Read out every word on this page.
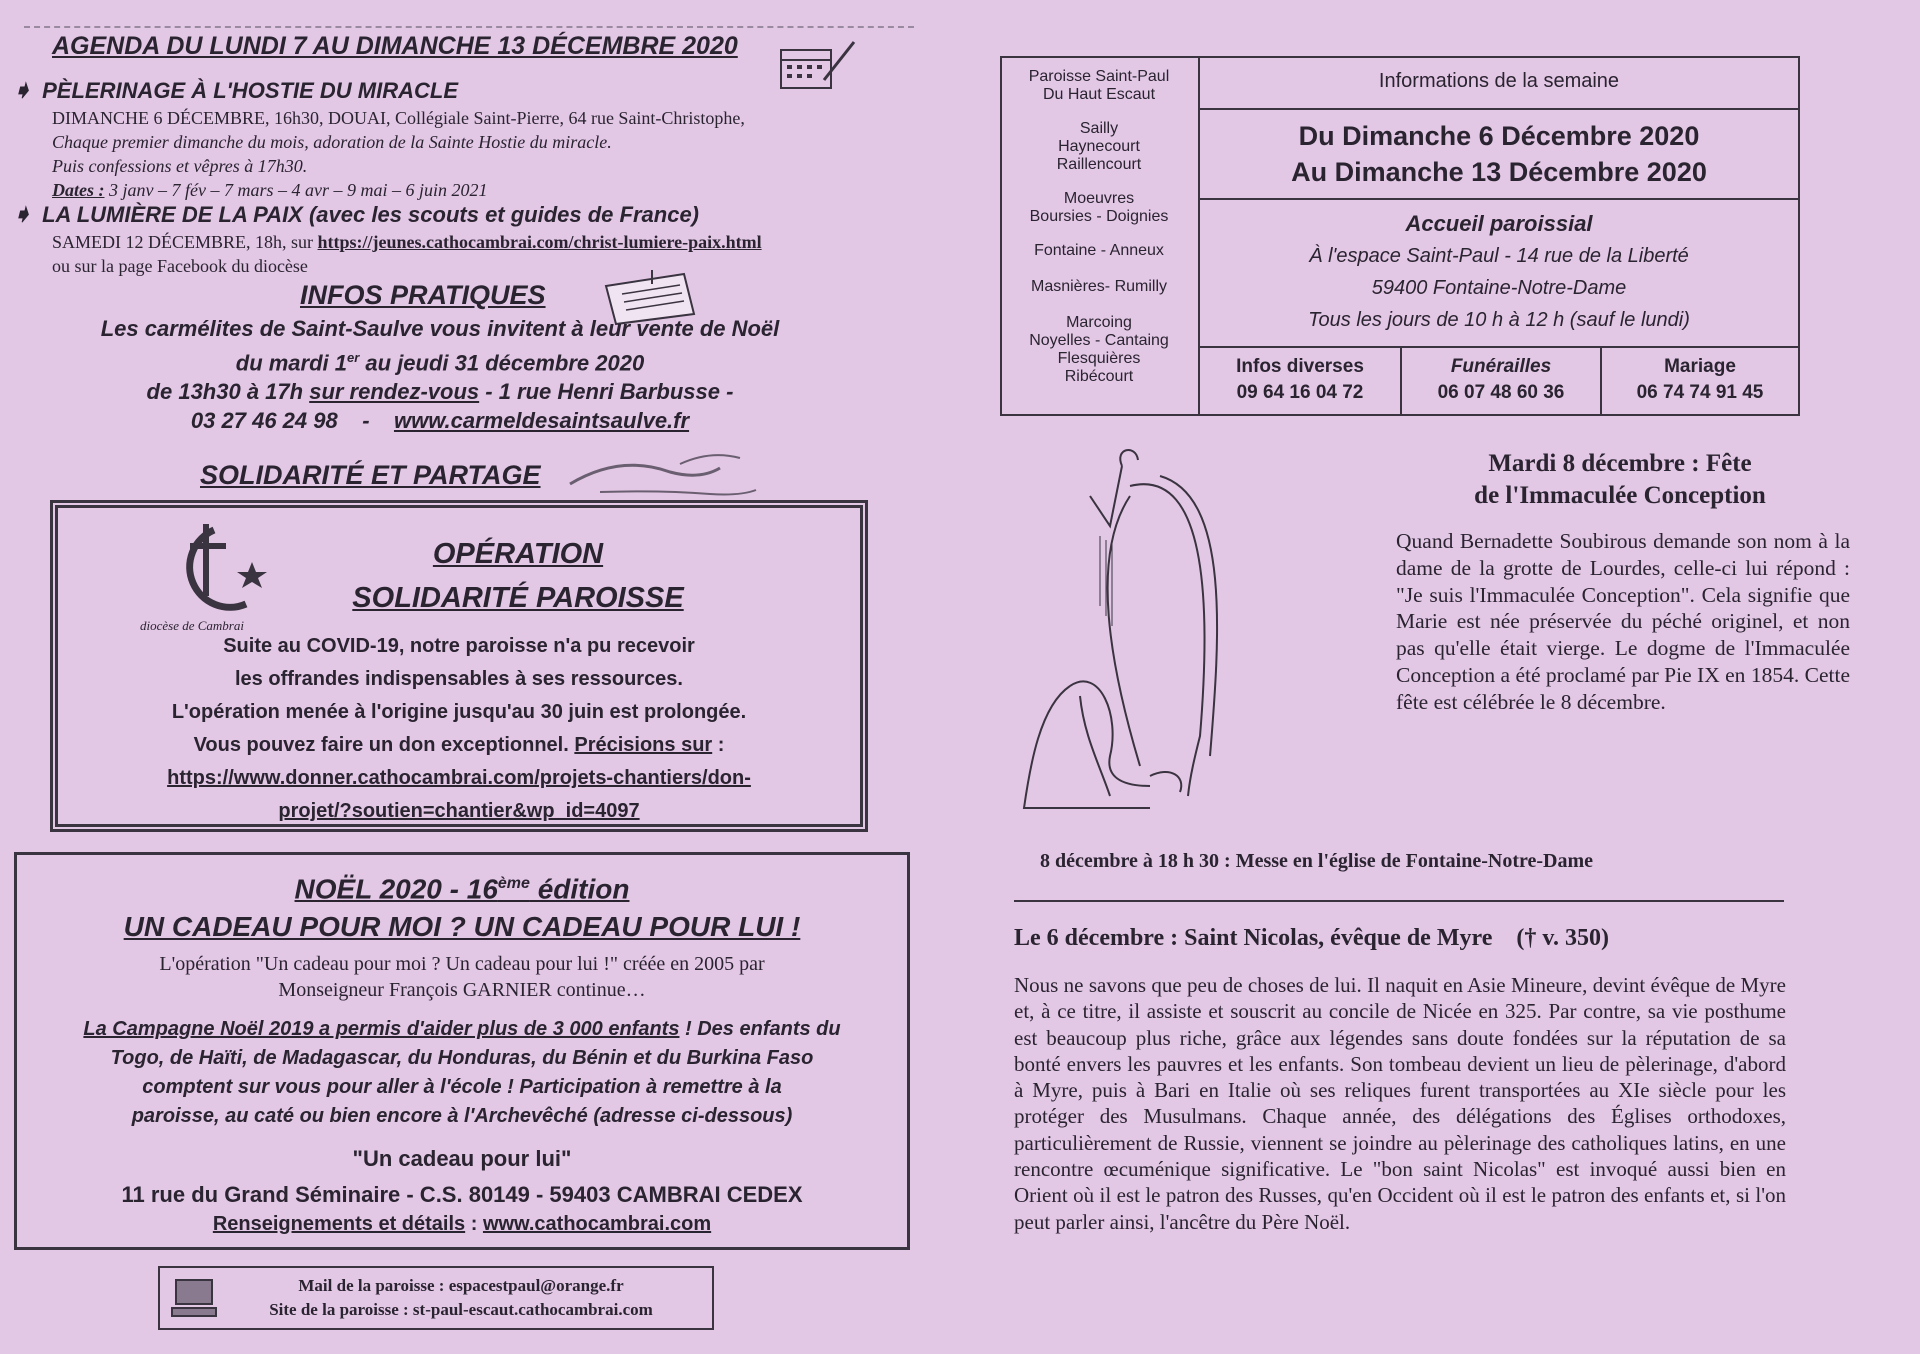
AGENDA DU LUNDI 7 AU DIMANCHE 13 DÉCEMBRE 2020
➧ PÈLERINAGE À L'HOSTIE DU MIRACLE
DIMANCHE 6 DÉCEMBRE, 16h30, DOUAI, Collégiale Saint-Pierre, 64 rue Saint-Christophe,
Chaque premier dimanche du mois, adoration de la Sainte Hostie du miracle.
Puis confessions et vêpres à 17h30.
Dates : 3 janv – 7 fév – 7 mars – 4 avr – 9 mai – 6 juin 2021
➧ LA LUMIÈRE DE LA PAIX (avec les scouts et guides de France)
SAMEDI 12 DÉCEMBRE, 18h, sur https://jeunes.cathocambrai.com/christ-lumiere-paix.html
ou sur la page Facebook du diocèse
INFOS PRATIQUES
Les carmélites de Saint-Saulve vous invitent à leur vente de Noël
du mardi 1er au jeudi 31 décembre 2020
de 13h30 à 17h sur rendez-vous - 1 rue Henri Barbusse -
03 27 46 24 98 - www.carmeldesaintsaulve.fr
SOLIDARITÉ ET PARTAGE
diocèse de Cambrai
OPÉRATION
SOLIDARITÉ PAROISSE
Suite au COVID-19, notre paroisse n'a pu recevoir
les offrandes indispensables à ses ressources.
L'opération menée à l'origine jusqu'au 30 juin est prolongée.
Vous pouvez faire un don exceptionnel. Précisions sur :
https://www.donner.cathocambrai.com/projets-chantiers/don-
projet/?soutien=chantier&wp_id=4097
NOËL 2020 - 16ème édition
UN CADEAU POUR MOI ? UN CADEAU POUR LUI !
L'opération "Un cadeau pour moi ? Un cadeau pour lui !" créée en 2005 par
Monseigneur François GARNIER continue…
La Campagne Noël 2019 a permis d'aider plus de 3 000 enfants ! Des enfants du
Togo, de Haïti, de Madagascar, du Honduras, du Bénin et du Burkina Faso
comptent sur vous pour aller à l'école ! Participation à remettre à la
paroisse, au caté ou bien encore à l'Archevêché (adresse ci-dessous)
"Un cadeau pour lui"
11 rue du Grand Séminaire - C.S. 80149 - 59403 CAMBRAI CEDEX
Renseignements et détails : www.cathocambrai.com
Mail de la paroisse : espacestpaul@orange.fr
Site de la paroisse : st-paul-escaut.cathocambrai.com
Paroisse Saint-Paul
Du Haut Escaut
Sailly
Haynecourt
Raillencourt
Moeuvres
Boursies - Doignies
Fontaine - Anneux
Masnières- Rumilly
Marcoing
Noyelles - Cantaing
Flesquières
Ribécourt
Informations de la semaine
Du Dimanche 6 Décembre 2020
Au Dimanche 13 Décembre 2020
Accueil paroissial
À l'espace Saint-Paul - 14 rue de la Liberté
59400 Fontaine-Notre-Dame
Tous les jours de 10 h à 12 h (sauf le lundi)
Infos diverses
09 64 16 04 72
Funérailles
06 07 48 60 36
Mariage
06 74 74 91 45
Mardi 8 décembre : Fête
de l'Immaculée Conception

Quand Bernadette Soubirous demande son nom à la dame de la grotte de Lourdes, celle-ci lui répond : "Je suis l'Immaculée Conception". Cela signifie que Marie est née préservée du péché originel, et non pas qu'elle était vierge. Le dogme de l'Immaculée Conception a été proclamé par Pie IX en 1854. Cette fête est célébrée le 8 décembre.

8 décembre à 18 h 30 : Messe en l'église de Fontaine-Notre-Dame
Le 6 décembre : Saint Nicolas, évêque de Myre († v. 350)

Nous ne savons que peu de choses de lui. Il naquit en Asie Mineure, devint évêque de Myre et, à ce titre, il assiste et souscrit au concile de Nicée en 325. Par contre, sa vie posthume est beaucoup plus riche, grâce aux légendes sans doute fondées sur la réputation de sa bonté envers les pauvres et les enfants. Son tombeau devient un lieu de pèlerinage, d'abord à Myre, puis à Bari en Italie où ses reliques furent transportées au XIe siècle pour les protéger des Musulmans. Chaque année, des délégations des Églises orthodoxes, particulièrement de Russie, viennent se joindre au pèlerinage des catholiques latins, en une rencontre œcuménique significative. Le "bon saint Nicolas" est invoqué aussi bien en Orient où il est le patron des Russes, qu'en Occident où il est le patron des enfants et, si l'on peut parler ainsi, l'ancêtre du Père Noël.
